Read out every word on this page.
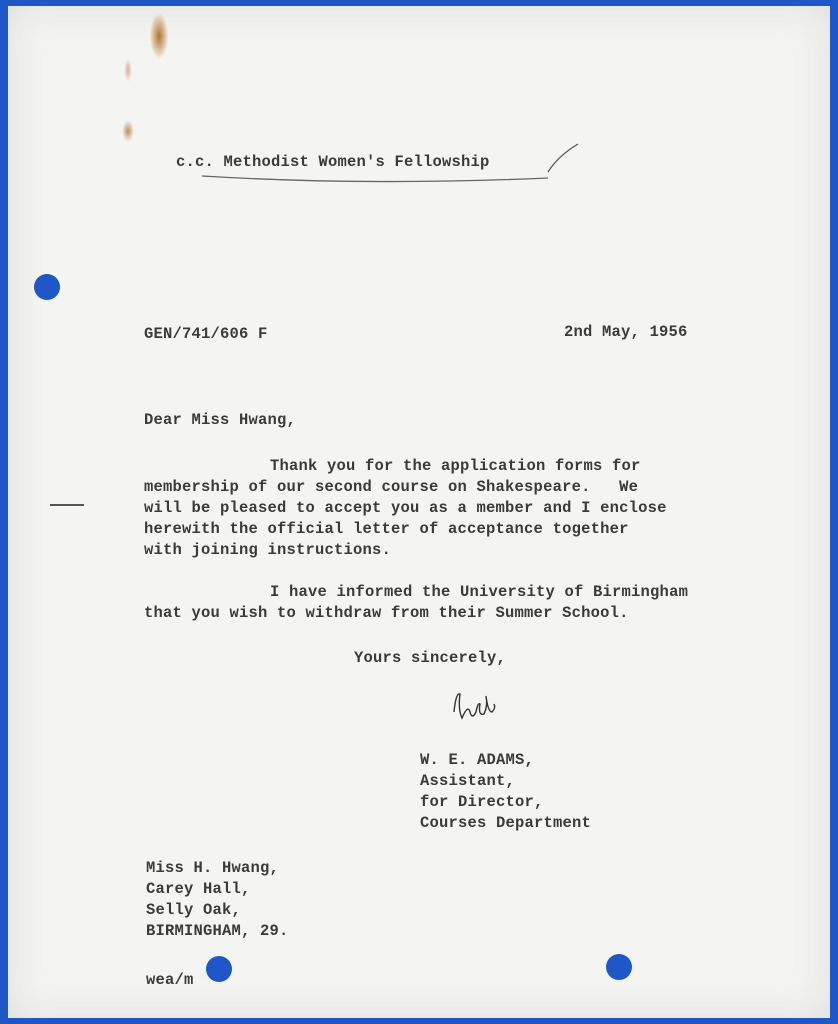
c.c. Methodist Women's Fellowship
GEN/741/606 F	2nd May, 1956
Dear Miss Hwang,
Thank you for the application forms for
membership of our second course on Shakespeare.   We
will be pleased to accept you as a member and I enclose
herewith the official letter of acceptance together
with joining instructions.
I have informed the University of Birmingham
that you wish to withdraw from their Summer School.
Yours sincerely,
W. E. ADAMS,
Assistant,
for Director,
Courses Department
Miss H. Hwang,
Carey Hall,
Selly Oak,
BIRMINGHAM, 29.
wea/m
